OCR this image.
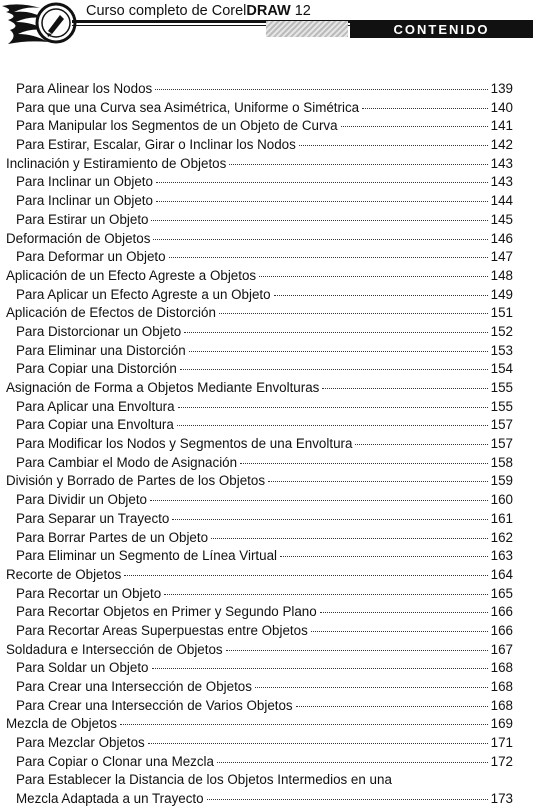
Curso completo de CorelDRAW 12
CONTENIDO
Para Alinear los Nodos	139
Para que una Curva sea Asimétrica, Uniforme o Simétrica	140
Para Manipular los Segmentos de un Objeto de Curva	141
Para Estirar, Escalar, Girar o Inclinar los Nodos	142
Inclinación y Estiramiento de Objetos	143
Para Inclinar un Objeto	143
Para Inclinar un Objeto	144
Para Estirar un Objeto	145
Deformación de Objetos	146
Para Deformar un Objeto	147
Aplicación de un Efecto Agreste a Objetos	148
Para Aplicar un Efecto Agreste a un Objeto	149
Aplicación de Efectos de Distorción	151
Para Distorcionar un Objeto	152
Para Eliminar una Distorción	153
Para Copiar una Distorción	154
Asignación de Forma a Objetos Mediante Envolturas	155
Para Aplicar una Envoltura	155
Para Copiar una Envoltura	157
Para Modificar los Nodos y Segmentos de una Envoltura	157
Para Cambiar el Modo de Asignación	158
División y Borrado de Partes de los Objetos	159
Para Dividir un Objeto	160
Para Separar un Trayecto	161
Para Borrar Partes de un Objeto	162
Para Eliminar un Segmento de Línea Virtual	163
Recorte de Objetos	164
Para Recortar un Objeto	165
Para Recortar Objetos en Primer y Segundo Plano	166
Para Recortar Areas Superpuestas entre Objetos	166
Soldadura e Intersección de Objetos	167
Para Soldar un Objeto	168
Para Crear una Intersección de Objetos	168
Para Crear una Intersección de Varios Objetos	168
Mezcla de Objetos	169
Para Mezclar Objetos	171
Para Copiar o Clonar una Mezcla	172
Para Establecer la Distancia de los Objetos Intermedios en una
Mezcla Adaptada a un Trayecto	173
